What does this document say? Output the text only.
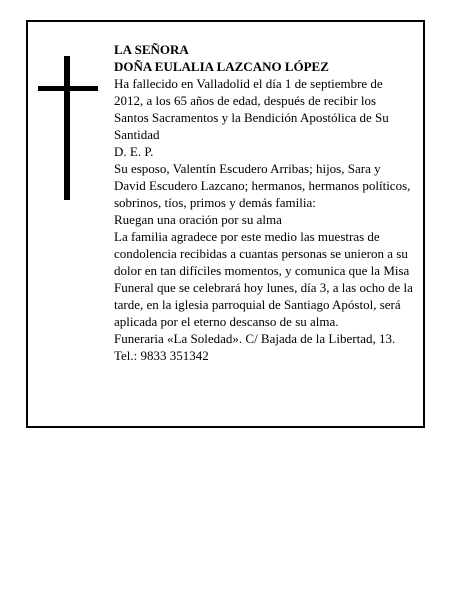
LA SEÑORA

DOÑA EULALIA LAZCANO LÓPEZ

Ha fallecido en Valladolid el día 1 de septiembre de 2012, a los 65 años de edad, después de recibir los Santos Sacramentos y la Bendición Apostólica de Su Santidad

D. E. P.

Su esposo, Valentín Escudero Arribas; hijos, Sara y David Escudero Lazcano; hermanos, hermanos políticos, sobrinos, tíos, primos y demás familia:

Ruegan una oración por su alma

La familia agradece por este medio las muestras de condolencia recibidas a cuantas personas se unieron a su dolor en tan difíciles momentos, y comunica que la Misa Funeral que se celebrará hoy lunes, día 3, a las ocho de la tarde, en la iglesia parroquial de Santiago Apóstol, será aplicada por el eterno descanso de su alma.

Funeraria «La Soledad». C/ Bajada de la Libertad, 13. Tel.: 9833 351342
